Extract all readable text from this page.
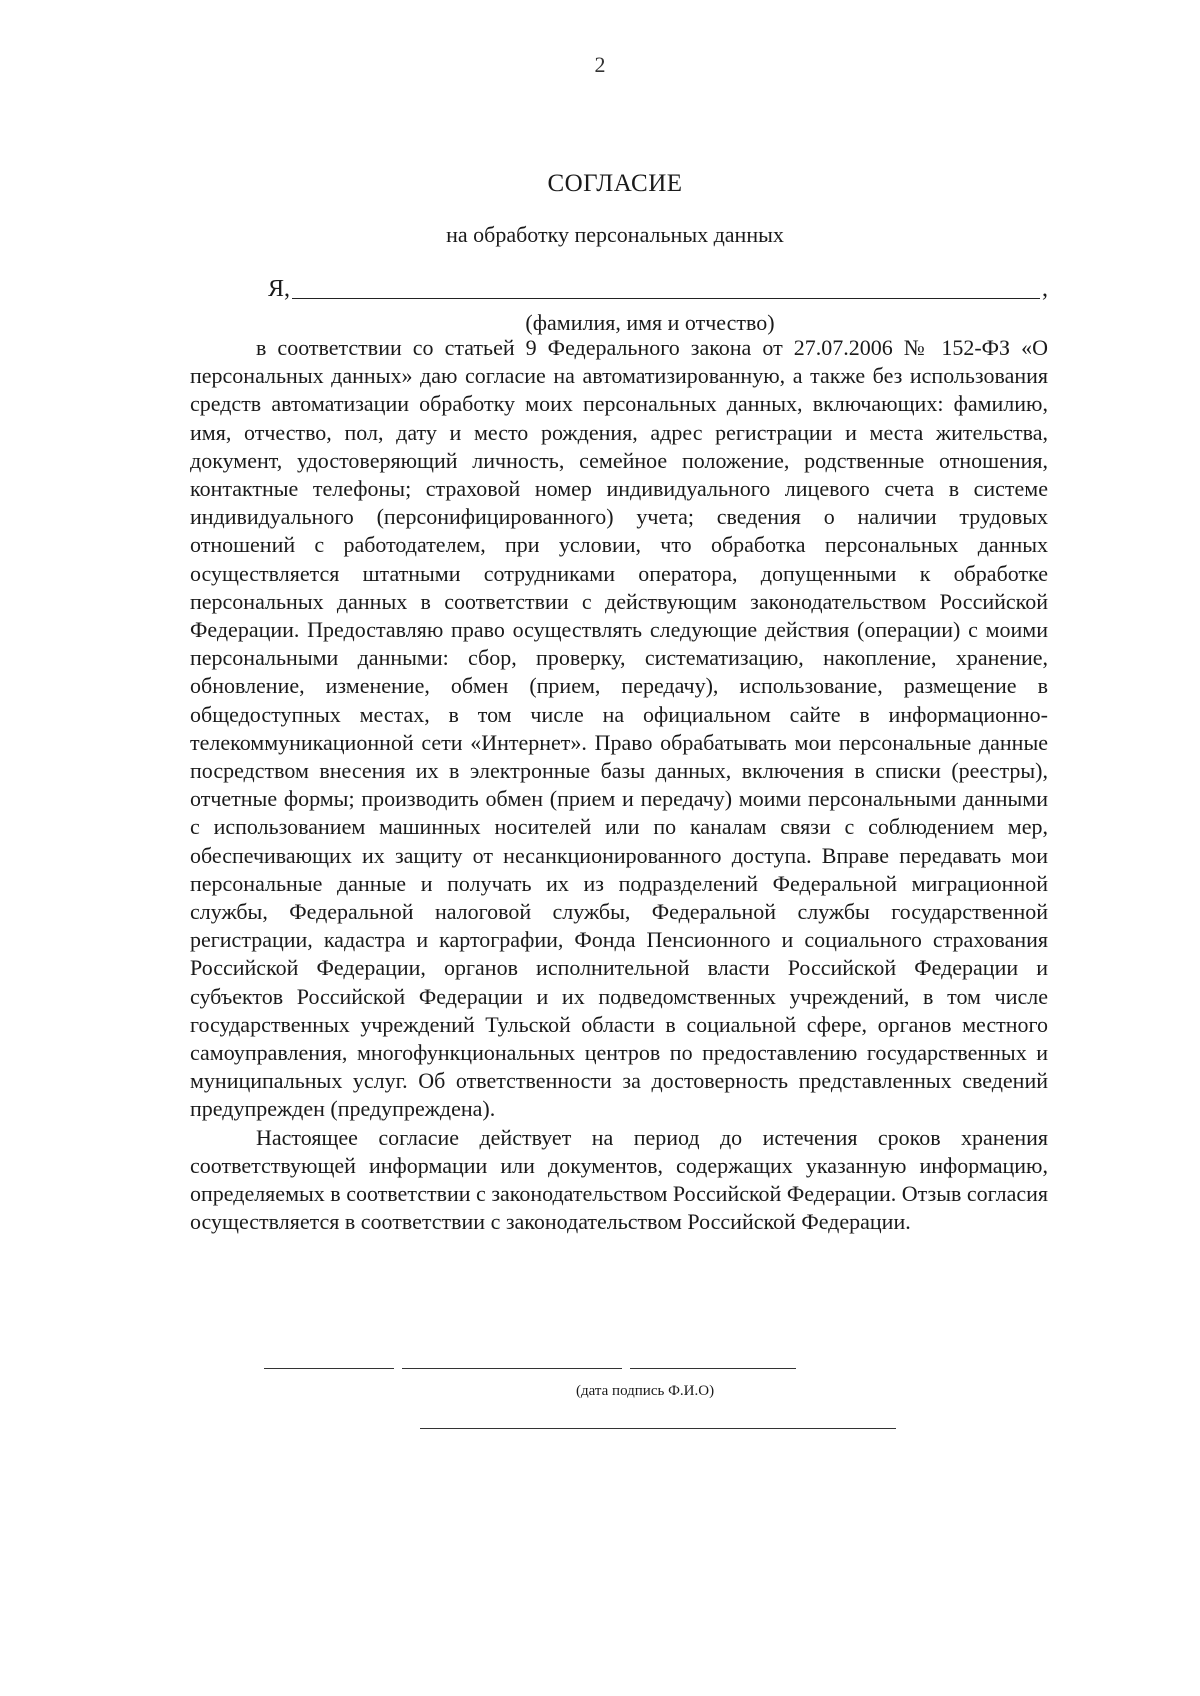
2
СОГЛАСИЕ
на обработку персональных данных
Я,	,
(фамилия, имя и отчество)

в соответствии со статьей 9 Федерального закона от 27.07.2006 № 152-ФЗ «О персональных данных» даю согласие на автоматизированную, а также без использования средств автоматизации обработку моих персональных данных, включающих: фамилию, имя, отчество, пол, дату и место рождения, адрес регистрации и места жительства, документ, удостоверяющий личность, семейное положение, родственные отношения, контактные телефоны; страховой номер индивидуального лицевого счета в системе индивидуального (персонифицированного) учета; сведения о наличии трудовых отношений с работодателем, при условии, что обработка персональных данных осуществляется штатными сотрудниками оператора, допущенными к обработке персональных данных в соответствии с действующим законодательством Российской Федерации. Предоставляю право осуществлять следующие действия (операции) с моими персональными данными: сбор, проверку, систематизацию, накопление, хранение, обновление, изменение, обмен (прием, передачу), использование, размещение в общедоступных местах, в том числе на официальном сайте в информационно-телекоммуникационной сети «Интернет». Право обрабатывать мои персональные данные посредством внесения их в электронные базы данных, включения в списки (реестры), отчетные формы; производить обмен (прием и передачу) моими персональными данными с использованием машинных носителей или по каналам связи с соблюдением мер, обеспечивающих их защиту от несанкционированного доступа. Вправе передавать мои персональные данные и получать их из подразделений Федеральной миграционной службы, Федеральной налоговой службы, Федеральной службы государственной регистрации, кадастра и картографии, Фонда Пенсионного и социального страхования Российской Федерации, органов исполнительной власти Российской Федерации и субъектов Российской Федерации и их подведомственных учреждений, в том числе государственных учреждений Тульской области в социальной сфере, органов местного самоуправления, многофункциональных центров по предоставлению государственных и муниципальных услуг. Об ответственности за достоверность представленных сведений предупрежден (предупреждена).

Настоящее согласие действует на период до истечения сроков хранения соответствующей информации или документов, содержащих указанную информацию, определяемых в соответствии с законодательством Российской Федерации. Отзыв согласия осуществляется в соответствии с законодательством Российской Федерации.

(дата подпись Ф.И.О)
